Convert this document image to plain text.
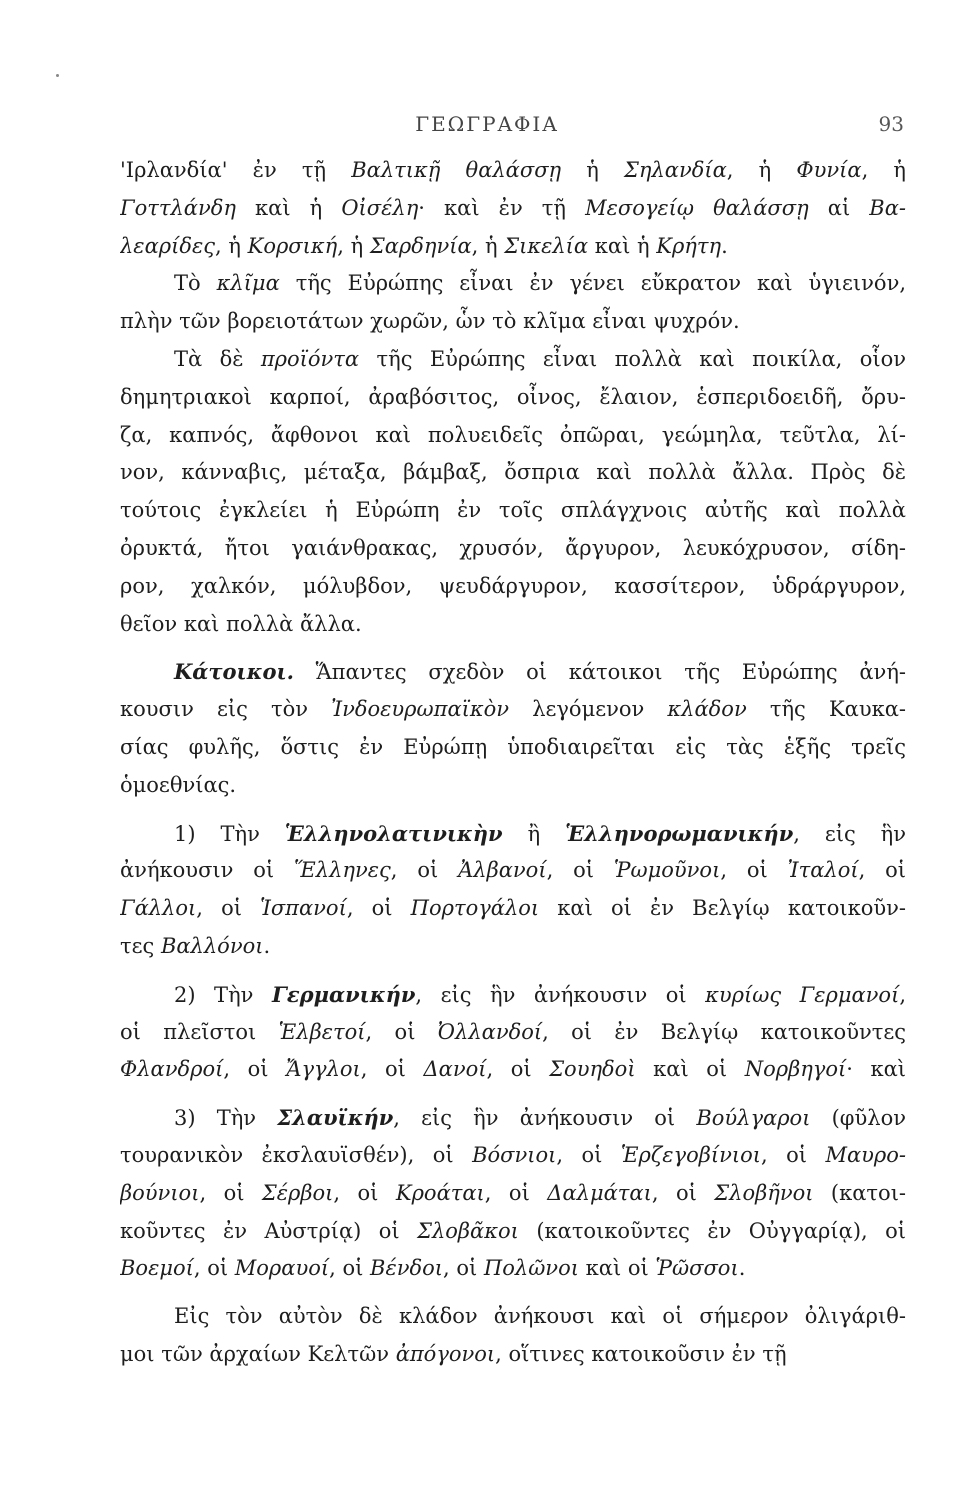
ΓΕΩΓΡΑΦΙΑ	93
'Ιρλανδία' ἐν τῇ Βαλτικῇ θαλάσσῃ ἡ Σηλανδία, ἡ Φυνία, ἡ
Γοττλάνδη καὶ ἡ Οἰσέλη· καὶ ἐν τῇ Μεσογείῳ θαλάσσῃ αἱ Βα-
λεαρίδες, ἡ Κορσική, ἡ Σαρδηνία, ἡ Σικελία καὶ ἡ Κρήτη.
Τὸ κλῖμα τῆς Εὐρώπης εἶναι ἐν γένει εὔκρατον καὶ ὑγιεινόν,
πλὴν τῶν βορειοτάτων χωρῶν, ὧν τὸ κλῖμα εἶναι ψυχρόν.
Τὰ δὲ προϊόντα τῆς Εὐρώπης εἶναι πολλὰ καὶ ποικίλα, οἷον
δημητριακοὶ καρποί, ἀραβόσιτος, οἶνος, ἔλαιον, ἑσπεριδοειδῆ, ὄρυ-
ζα, καπνός, ἄφθονοι καὶ πολυειδεῖς ὀπῶραι, γεώμηλα, τεῦτλα, λί-
νον, κάνναβις, μέταξα, βάμβαξ, ὄσπρια καὶ πολλὰ ἄλλα. Πρὸς δὲ
τούτοις ἐγκλείει ἡ Εὐρώπη ἐν τοῖς σπλάγχνοις αὐτῆς καὶ πολλὰ
ὀρυκτά, ἤτοι γαιάνθρακας, χρυσόν, ἄργυρον, λευκόχρυσον, σίδη-
ρον, χαλκόν, μόλυβδον, ψευδάργυρον, κασσίτερον, ὑδράργυρον,
θεῖον καὶ πολλὰ ἄλλα.
Κάτοικοι. Ἅπαντες σχεδὸν οἱ κάτοικοι τῆς Εὐρώπης ἀνή-
κουσιν εἰς τὸν Ἰνδοευρωπαϊκὸν λεγόμενον κλάδον τῆς Καυκα-
σίας φυλῆς, ὅστις ἐν Εὐρώπῃ ὑποδιαιρεῖται εἰς τὰς ἑξῆς τρεῖς
ὁμοεθνίας.
1) Τὴν Ἑλληνολατινικὴν ἢ Ἑλληνορωμανικήν, εἰς ἣν
ἀνήκουσιν οἱ Ἕλληνες, οἱ Ἀλβανοί, οἱ Ῥωμοῦνοι, οἱ Ἰταλοί, οἱ
Γάλλοι, οἱ Ἱσπανοί, οἱ Πορτογάλοι καὶ οἱ ἐν Βελγίῳ κατοικοῦν-
τες Βαλλόνοι.
2) Τὴν Γερμανικήν, εἰς ἣν ἀνήκουσιν οἱ κυρίως Γερμανοί,
οἱ πλεῖστοι Ἑλβετοί, οἱ Ὀλλανδοί, οἱ ἐν Βελγίῳ κατοικοῦντες
Φλανδροί, οἱ Ἄγγλοι, οἱ Δανοί, οἱ Σουηδοὶ καὶ οἱ Νορβηγοί· καὶ
3) Τὴν Σλαυϊκήν, εἰς ἣν ἀνήκουσιν οἱ Βούλγαροι (φῦλον
τουρανικὸν ἐκσλαυϊσθέν), οἱ Βόσνιοι, οἱ Ἑρζεγοβίνιοι, οἱ Μαυρο-
βούνιοι, οἱ Σέρβοι, οἱ Κροάται, οἱ Δαλμάται, οἱ Σλοβῆνοι (κατοι-
κοῦντες ἐν Αὐστρίᾳ) οἱ Σλοβᾶκοι (κατοικοῦντες ἐν Οὐγγαρίᾳ), οἱ
Βοεμοί, οἱ Μοραυοί, οἱ Βένδοι, οἱ Πολῶνοι καὶ οἱ Ῥῶσσοι.
Εἰς τὸν αὐτὸν δὲ κλάδον ἀνήκουσι καὶ οἱ σήμερον ὀλιγάριθ-
μοι τῶν ἀρχαίων Κελτῶν ἀπόγονοι, οἵτινες κατοικοῦσιν ἐν τῇ
